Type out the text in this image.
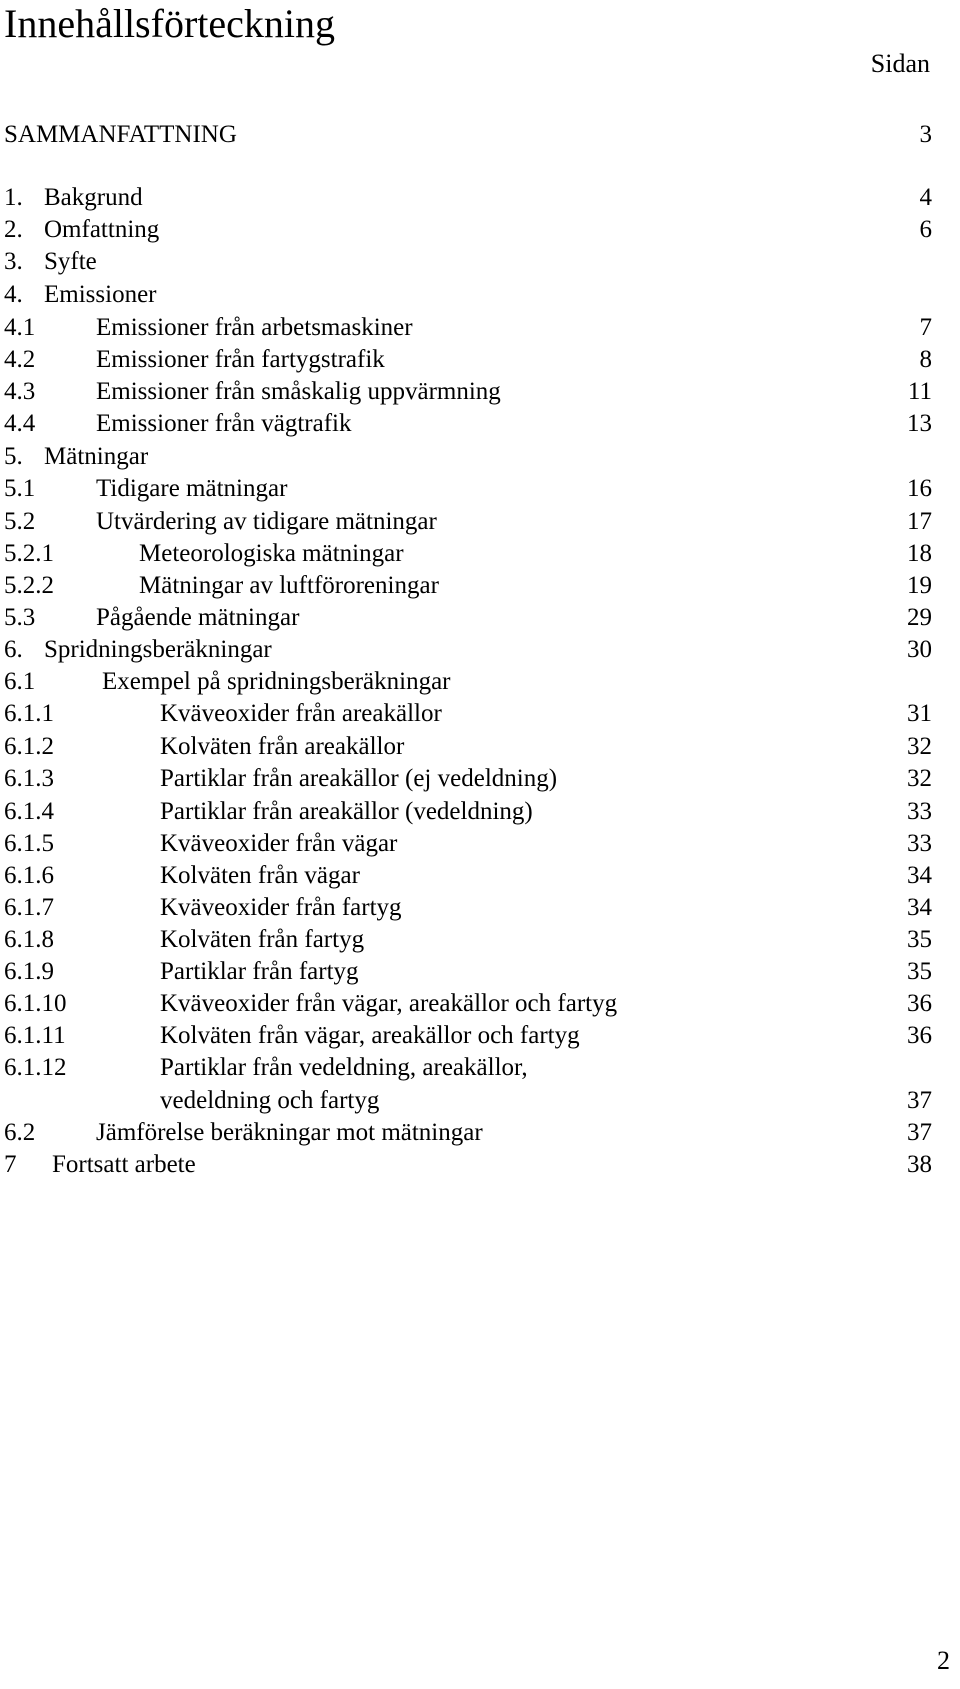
Innehållsförteckning
Sidan
SAMMANFATTNING	3
1. Bakgrund	4
2. Omfattning	6
3. Syfte
4. Emissioner
4.1 Emissioner från arbetsmaskiner	7
4.2 Emissioner från fartygstrafik	8
4.3 Emissioner från småskalig uppvärmning	11
4.4 Emissioner från vägtrafik	13
5. Mätningar
5.1 Tidigare mätningar	16
5.2 Utvärdering av tidigare mätningar	17
5.2.1	Meteorologiska mätningar	18
5.2.2	Mätningar av luftföroreningar	19
5.3 Pågående mätningar	29
6. Spridningsberäkningar	30
6.1	Exempel på spridningsberäkningar
6.1.1	Kväveoxider från areakällor	31
6.1.2	Kolväten från areakällor	32
6.1.3	Partiklar från areakällor (ej vedeldning)	32
6.1.4	Partiklar från areakällor (vedeldning)	33
6.1.5	Kväveoxider från vägar	33
6.1.6	Kolväten från vägar	34
6.1.7	Kväveoxider från fartyg	34
6.1.8	Kolväten från fartyg	35
6.1.9	Partiklar från fartyg	35
6.1.10	Kväveoxider från vägar, areakällor och fartyg	36
6.1.11	Kolväten från vägar, areakällor och fartyg	36
6.1.12	Partiklar från vedeldning, areakällor,
vedeldning och fartyg	37
6.2 Jämförelse beräkningar mot mätningar	37
7 Fortsatt arbete	38
2
